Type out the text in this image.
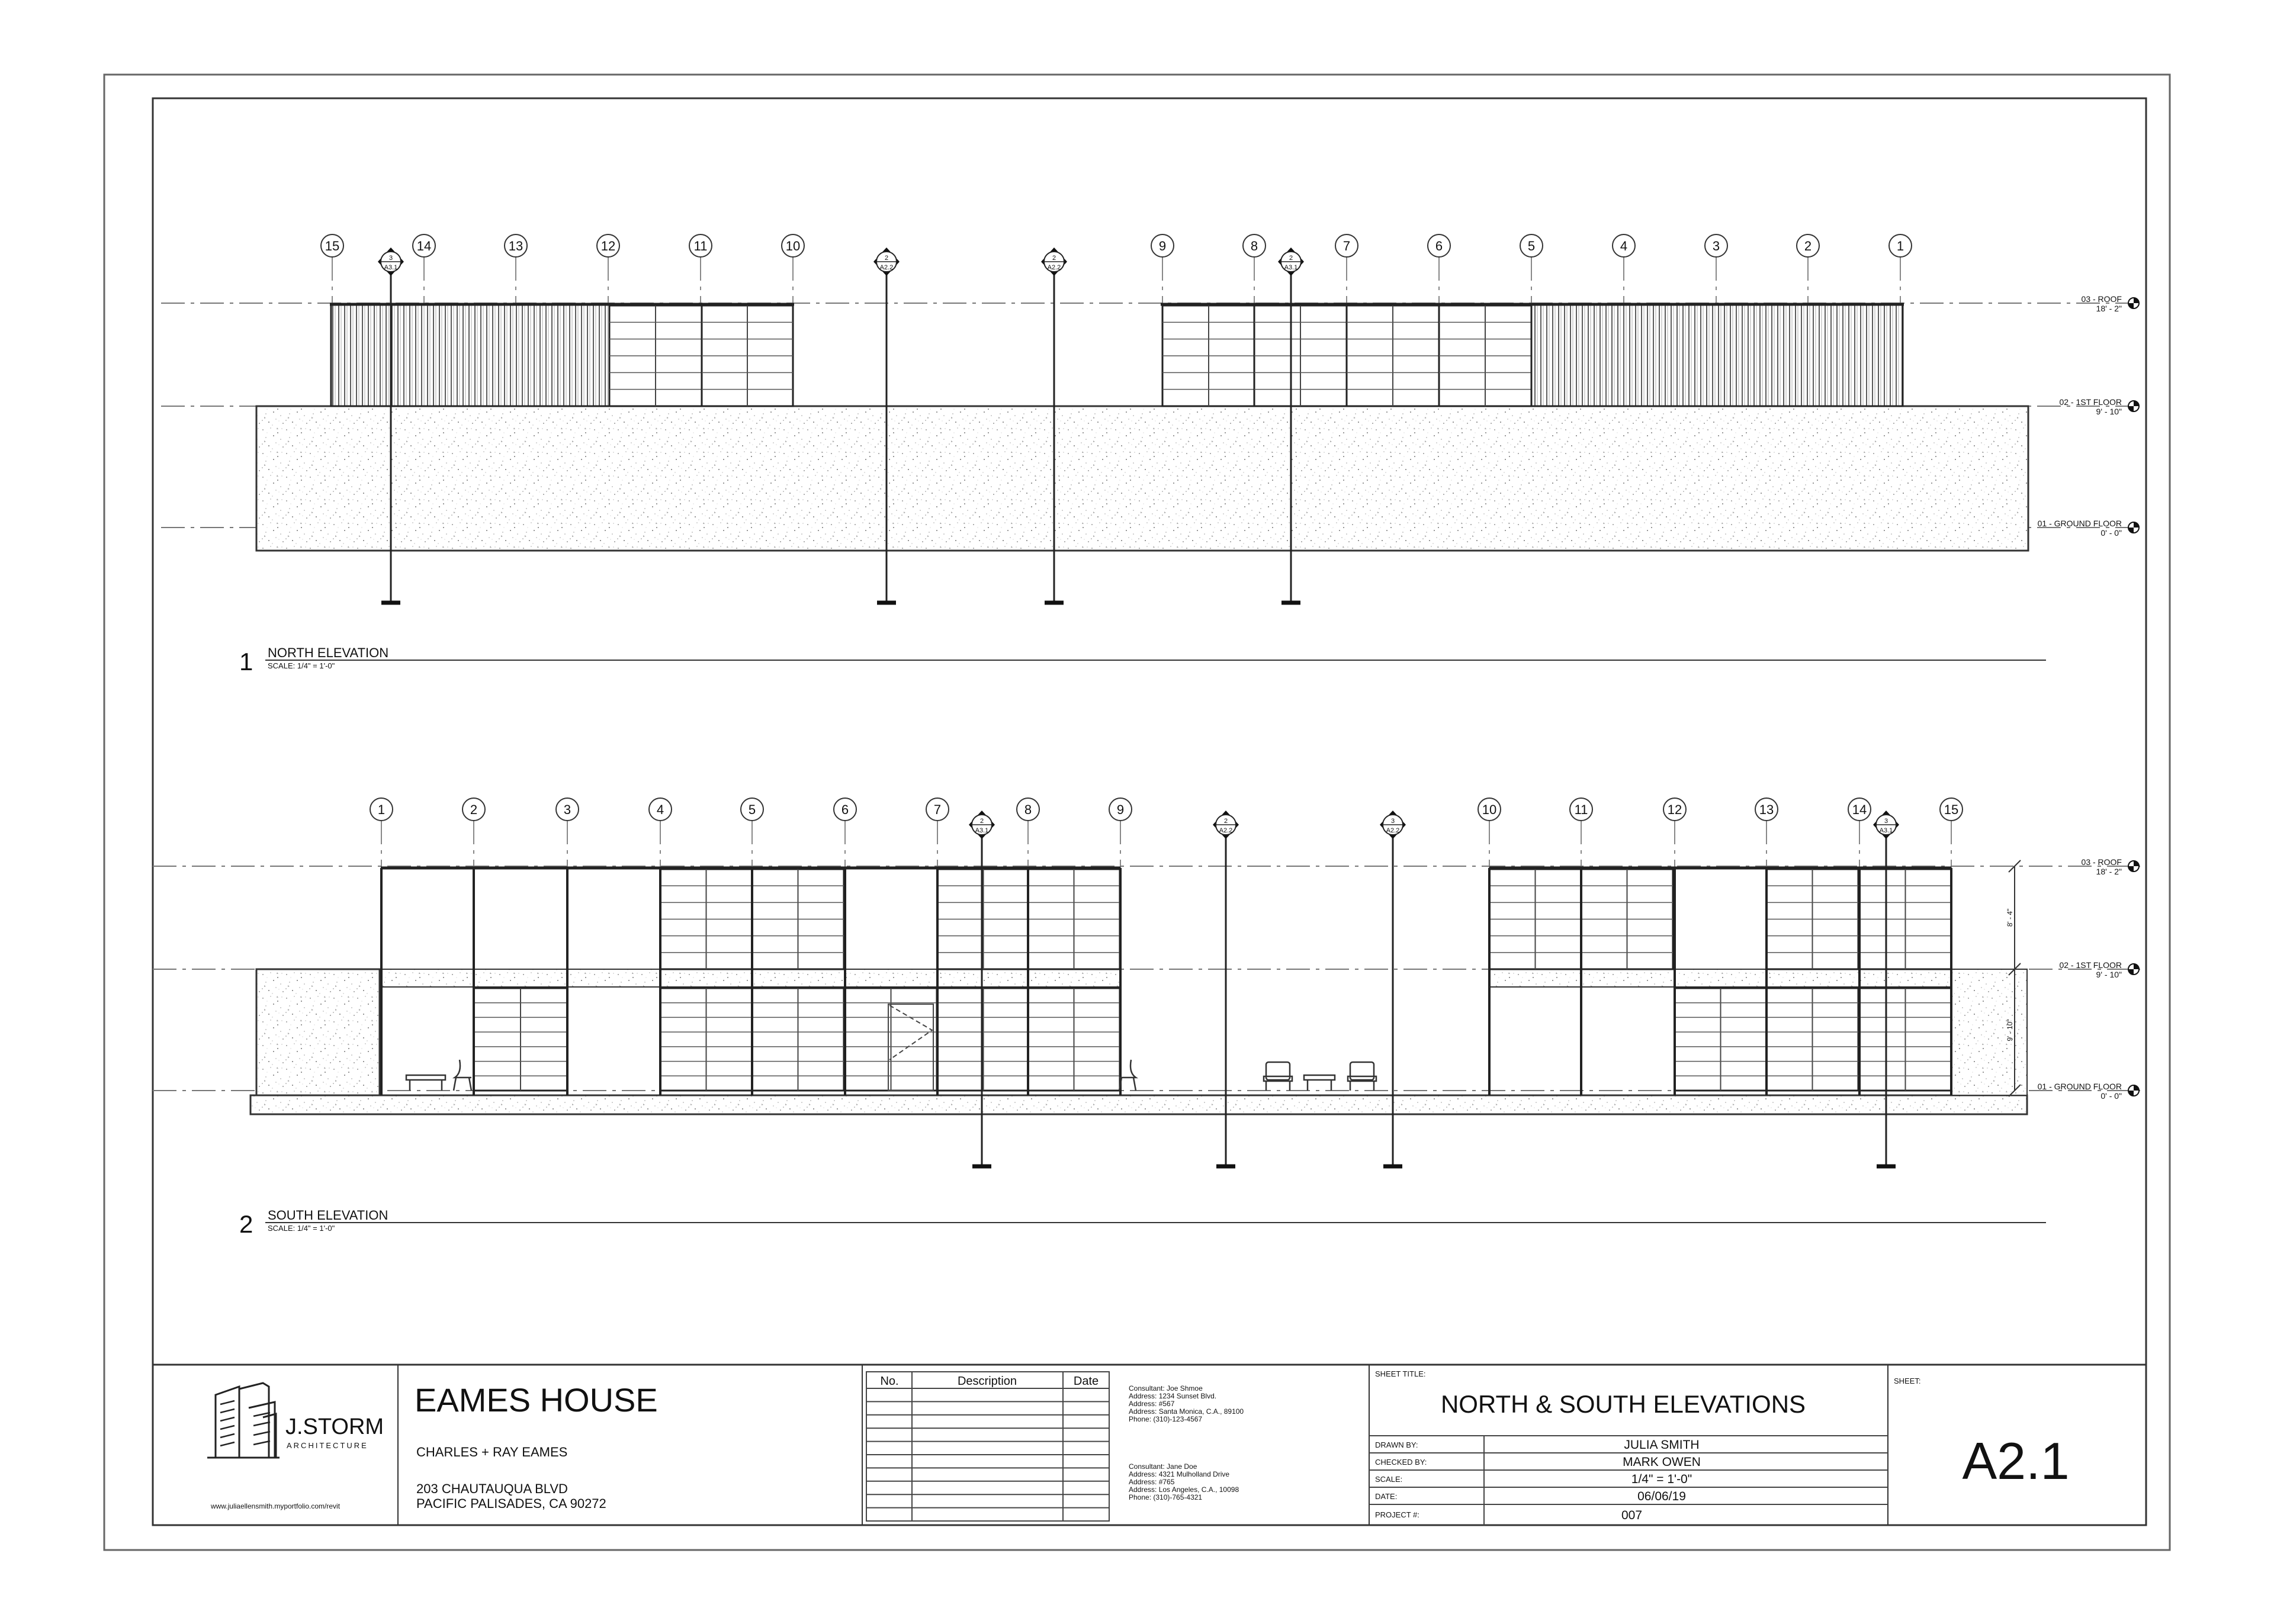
15	14	13	12	11	10	9	8	7	6	5	4	3	2	1
3
A3.1
2
A2.2
2
A2.2
2
A3.1
03 - ROOF
18' - 2"
02 - 1ST FLOOR
9' - 10"
01 - GROUND FLOOR
0' - 0"
1 NORTH ELEVATION
SCALE: 1/4" = 1'-0"
1	2	3	4	5	6	7	8	9	10	11	12	13	14	15
8' - 4"
9' - 10"
2
A3.1
2
A2.2
3
A2.2
3
A3.1
03 - ROOF
18' - 2"
02 - 1ST FLOOR
9' - 10"
01 - GROUND FLOOR
0' - 0"
2 SOUTH ELEVATION
SCALE: 1/4" = 1'-0"
J.STORM
ARCHITECTURE
www.juliaellensmith.myportfolio.com/revit
EAMES HOUSE
CHARLES + RAY EAMES
203 CHAUTAUQUA BLVD
PACIFIC PALISADES, CA 90272
No.	Description	Date
Consultant: Joe Shmoe
Address: 1234 Sunset Blvd.
Address: #567
Address: Santa Monica, C.A., 89100
Phone: (310)-123-4567
Consultant: Jane Doe
Address: 4321 Mulholland Drive
Address: #765
Address: Los Angeles, C.A., 10098
Phone: (310)-765-4321
SHEET TITLE:
NORTH & SOUTH ELEVATIONS
DRAWN BY:	JULIA SMITH
CHECKED BY:	MARK OWEN
SCALE:	1/4" = 1'-0"
DATE:	06/06/19
PROJECT #:	007
SHEET:
A2.1
